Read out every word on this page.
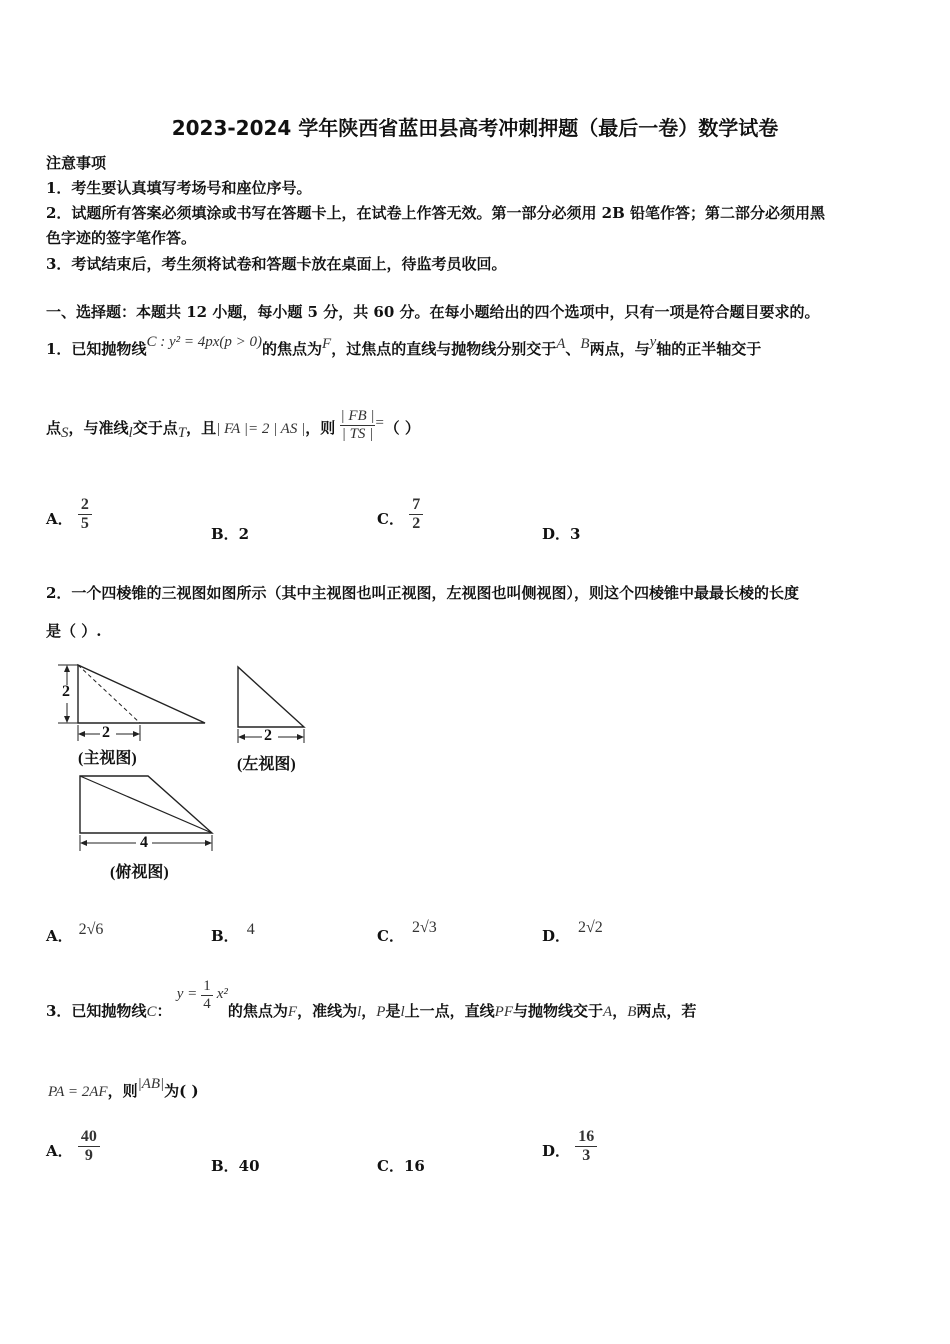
2023-2024 学年陕西省蓝田县高考冲刺押题（最后一卷）数学试卷
注意事项
1．考生要认真填写考场号和座位序号。
2．试题所有答案必须填涂或书写在答题卡上，在试卷上作答无效。第一部分必须用 2B 铅笔作答；第二部分必须用黑
色字迹的签字笔作答。
3．考试结束后，考生须将试卷和答题卡放在桌面上，待监考员收回。
一、选择题：本题共 12 小题，每小题 5 分，共 60 分。在每小题给出的四个选项中，只有一项是符合题目要求的。
1．已知抛物线C : y² = 4px(p > 0)的焦点为F，过焦点的直线与抛物线分别交于A、B两点，与y轴的正半轴交于
点S，与准线l交于点T，且| FA |= 2 | AS |，则 $\frac{| FB |}{| TS |}$ =（ ）
A． $\frac{2}{5}$
B．2
C． $\frac{7}{2}$
D．3
2．一个四棱锥的三视图如图所示（其中主视图也叫正视图，左视图也叫侧视图），则这个四棱锥中最最长棱的长度
是（ ）.
2
2
(主视图)
2
(左视图)
4
(俯视图)
A． 2√6	B． 4	C． 2√3	D． 2√2
3．已知抛物线C： $y = \frac{1}{4} x^2$的焦点为F，准线为l，P是l上一点，直线PF与抛物线交于A，B两点，若
PA = 2AF，则|AB|为( )
A． $\frac{40}{9}$
B．40	C．16
D． $\frac{16}{3}$
